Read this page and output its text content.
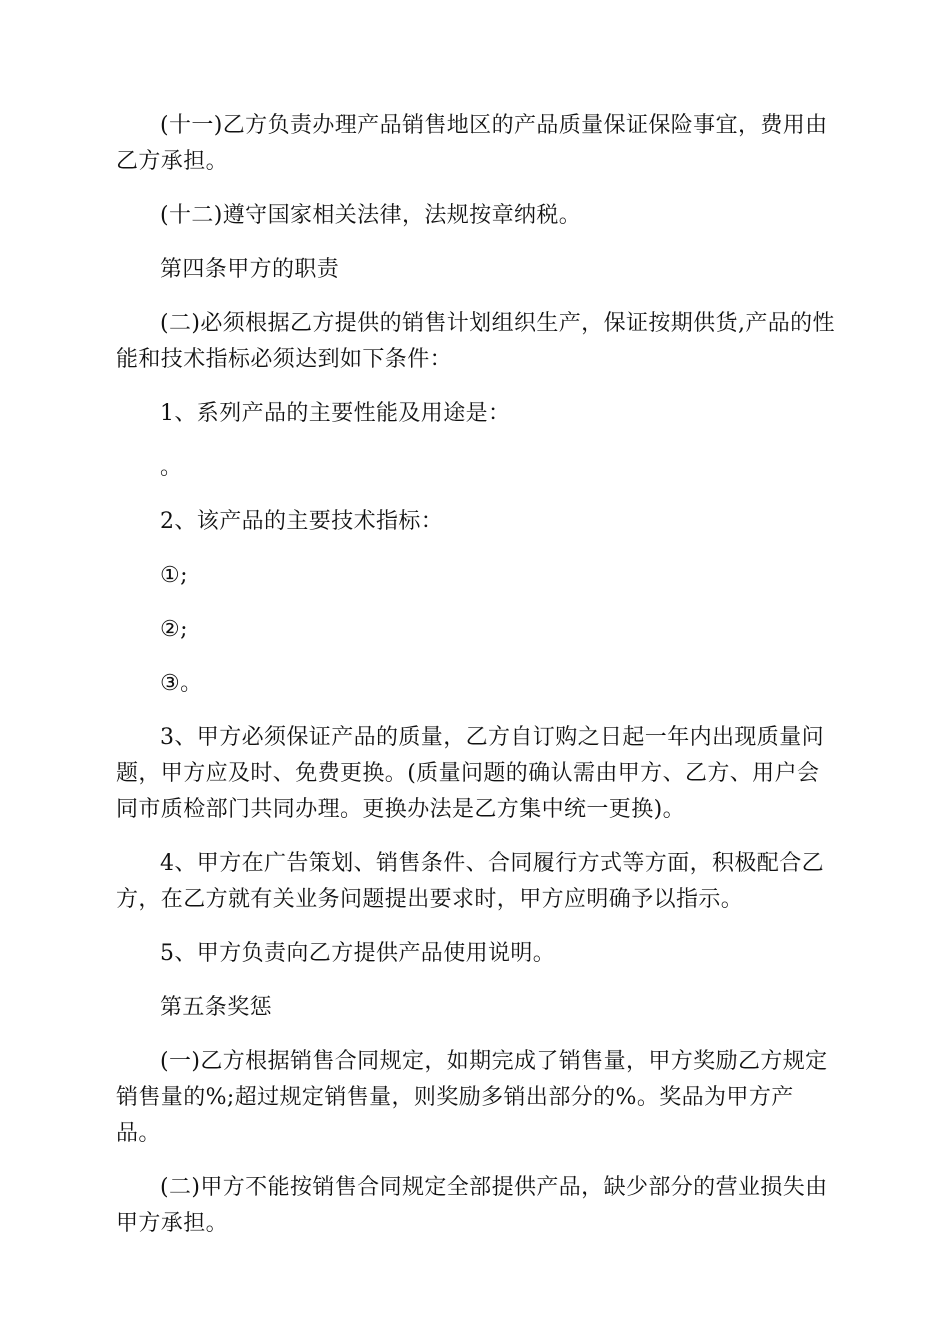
(十一)乙方负责办理产品销售地区的产品质量保证保险事宜，费用由乙方承担。

(十二)遵守国家相关法律，法规按章纳税。

第四条甲方的职责

(二)必须根据乙方提供的销售计划组织生产，保证按期供货,产品的性能和技术指标必须达到如下条件：

1、系列产品的主要性能及用途是：

。

2、该产品的主要技术指标：

①;

②;

③。

3、甲方必须保证产品的质量，乙方自订购之日起一年内出现质量问题，甲方应及时、免费更换。(质量问题的确认需由甲方、乙方、用户会同市质检部门共同办理。更换办法是乙方集中统一更换)。

4、甲方在广告策划、销售条件、合同履行方式等方面，积极配合乙方，在乙方就有关业务问题提出要求时，甲方应明确予以指示。

5、甲方负责向乙方提供产品使用说明。

第五条奖惩

(一)乙方根据销售合同规定，如期完成了销售量，甲方奖励乙方规定销售量的%;超过规定销售量，则奖励多销出部分的%。奖品为甲方产品。

(二)甲方不能按销售合同规定全部提供产品，缺少部分的营业损失由甲方承担。
